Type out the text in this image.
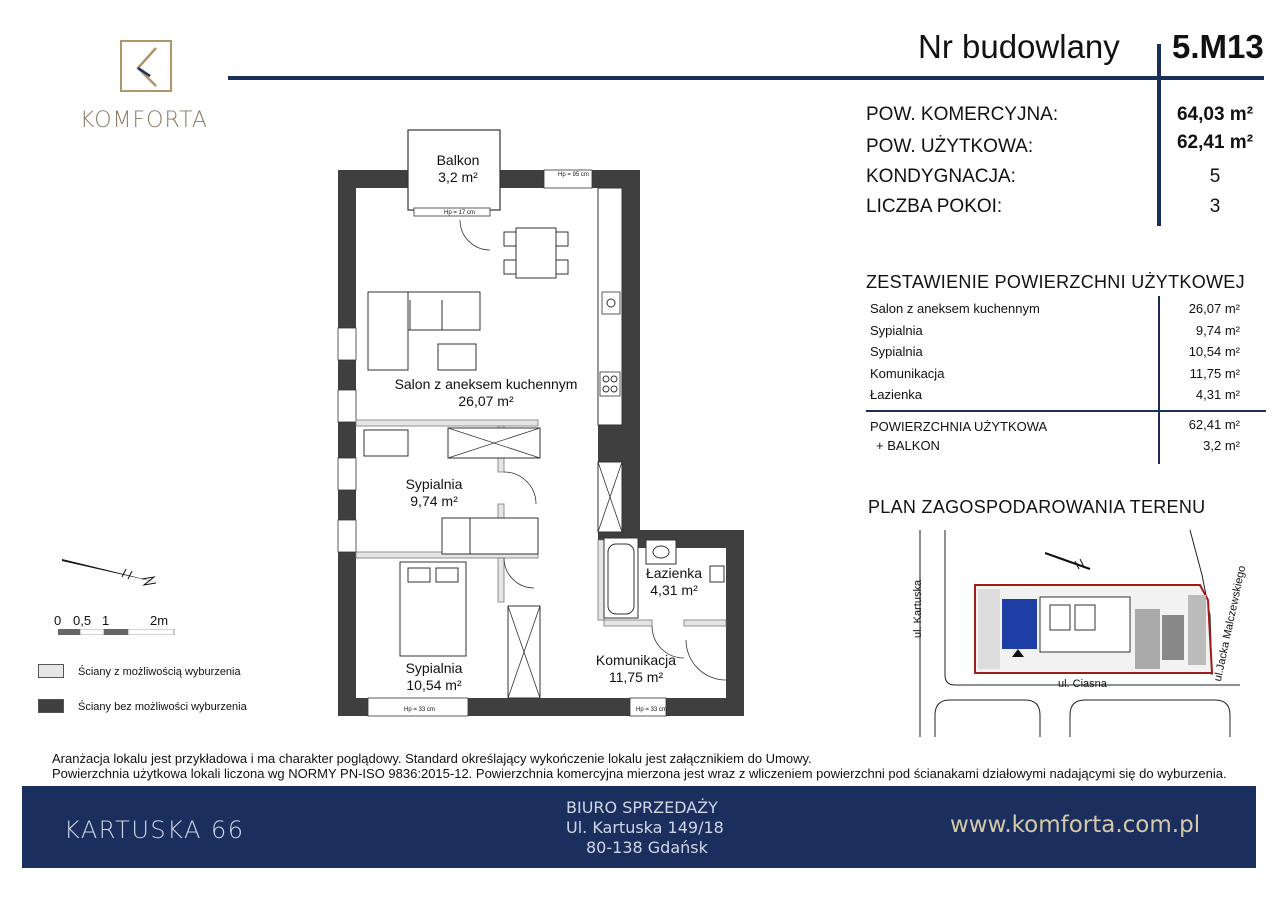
KOMFORTA
Nr budowlany 5.M13
POW. KOMERCYJNA:	64,03 m²
POW. UŻYTKOWA:	62,41 m²
KONDYGNACJA:	5
LICZBA POKOI:	3
ZESTAWIENIE POWIERZCHNI UŻYTKOWEJ
Salon z aneksem kuchennym	26,07 m²
Sypialnia	9,74 m²
Sypialnia	10,54 m²
Komunikacja	11,75 m²
Łazienka	4,31 m²
POWIERZCHNIA UŻYTKOWA	62,41 m²
+ BALKON	3,2 m²
PLAN ZAGOSPODAROWANIA TERENU
ul. Kartuska
ul. Ciasna
ul.Jacka Malczewskiego
Hp = 95 cm
Hp = 17 cm
Hp = 33 cm	Hp = 33 cm
Balkon
3,2 m²
Salon z aneksem kuchennym
26,07 m²
Sypialnia
9,74 m²
Sypialnia
10,54 m²
Łazienka
4,31 m²
Komunikacja
11,75 m²
0 0,5 1	2m
Ściany z możliwością wyburzenia
Ściany bez możliwości wyburzenia
Aranżacja lokalu jest przykładowa i ma charakter poglądowy. Standard określający wykończenie lokalu jest załącznikiem do Umowy.
Powierzchnia użytkowa lokali liczona wg NORMY PN-ISO 9836:2015-12. Powierzchnia komercyjna mierzona jest wraz z wliczeniem powierzchni pod ścianakami działowymi nadającymi się do wyburzenia.
KARTUSKA 66
BIURO SPRZEDAŻY
Ul. Kartuska 149/18
80-138 Gdańsk
www.komforta.com.pl
